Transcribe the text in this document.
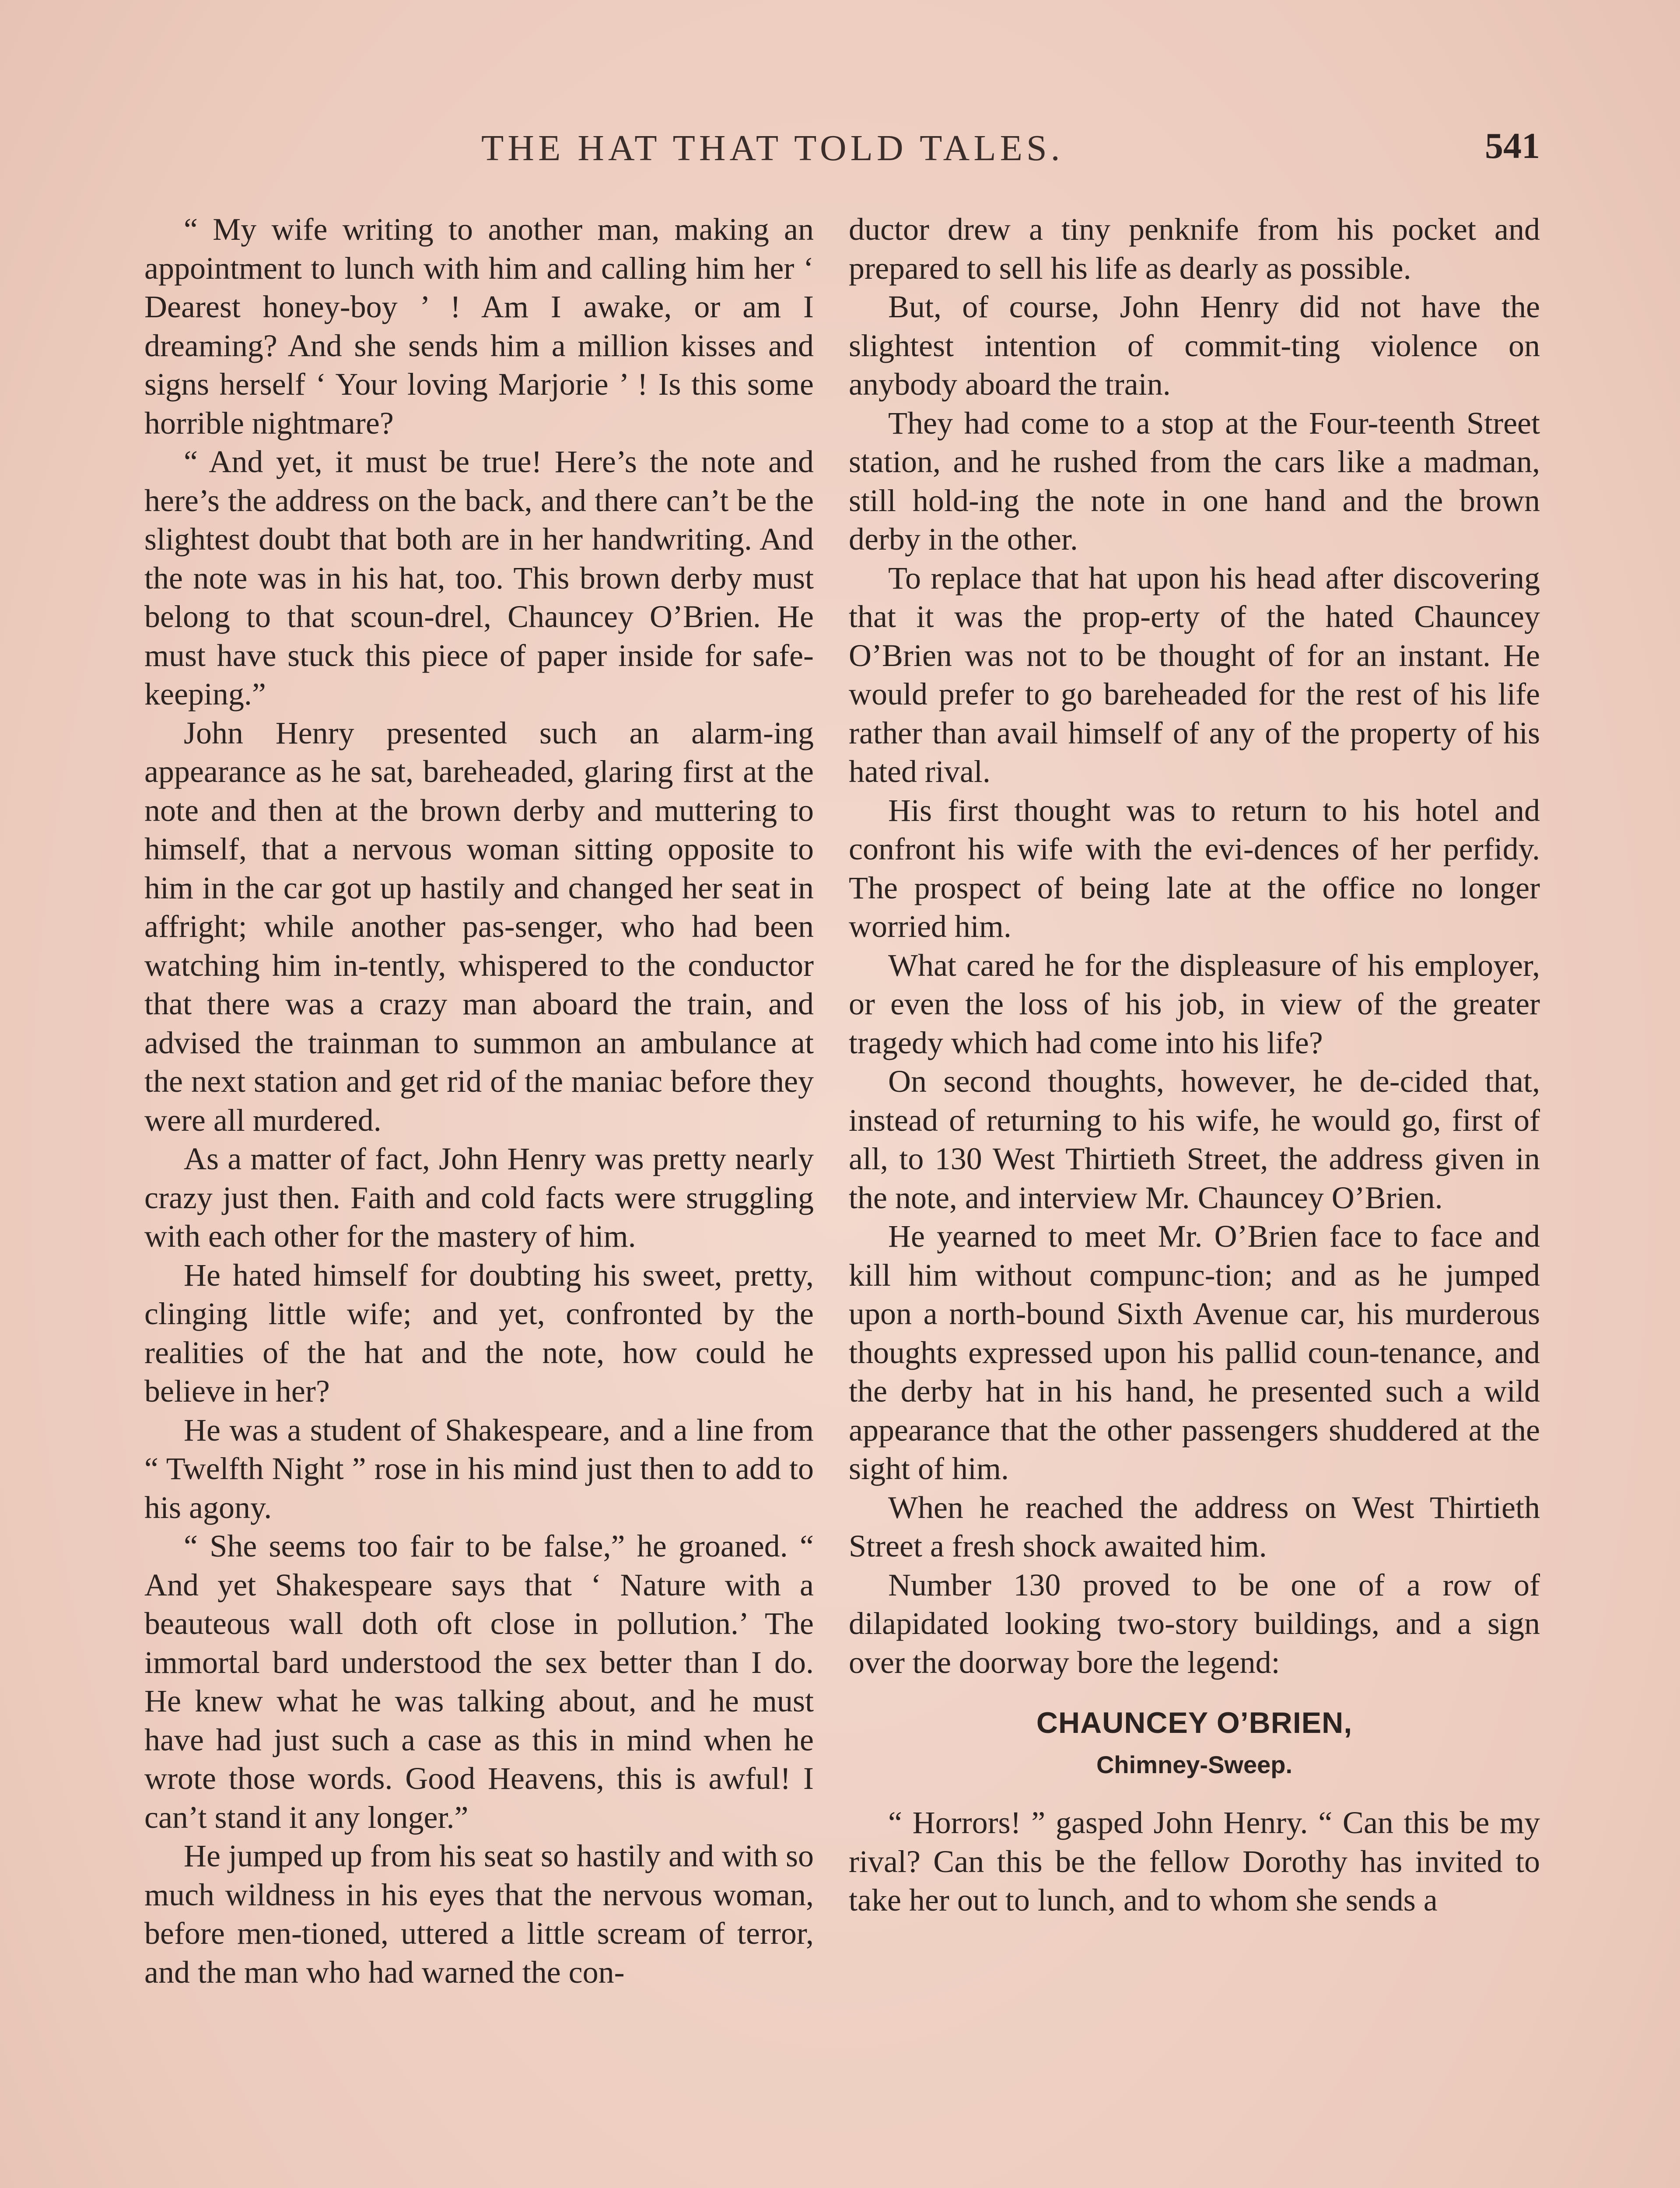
THE HAT THAT TOLD TALES.	541

“ My wife writing to another man, making an appointment to lunch with him and calling him her ‘ Dearest honey-boy ’ ! Am I awake, or am I dreaming? And she sends him a million kisses and signs herself ‘ Your loving Marjorie ’ ! Is this some horrible nightmare?

“ And yet, it must be true! Here’s the note and here’s the address on the back, and there can’t be the slightest doubt that both are in her handwriting. And the note was in his hat, too. This brown derby must belong to that scoun-drel, Chauncey O’Brien. He must have stuck this piece of paper inside for safe-keeping.”

John Henry presented such an alarm-ing appearance as he sat, bareheaded, glaring first at the note and then at the brown derby and muttering to himself, that a nervous woman sitting opposite to him in the car got up hastily and changed her seat in affright; while another pas-senger, who had been watching him in-tently, whispered to the conductor that there was a crazy man aboard the train, and advised the trainman to summon an ambulance at the next station and get rid of the maniac before they were all murdered.

As a matter of fact, John Henry was pretty nearly crazy just then. Faith and cold facts were struggling with each other for the mastery of him.

He hated himself for doubting his sweet, pretty, clinging little wife; and yet, confronted by the realities of the hat and the note, how could he believe in her?

He was a student of Shakespeare, and a line from “ Twelfth Night ” rose in his mind just then to add to his agony.

“ She seems too fair to be false,” he groaned. “ And yet Shakespeare says that ‘ Nature with a beauteous wall doth oft close in pollution.’ The immortal bard understood the sex better than I do. He knew what he was talking about, and he must have had just such a case as this in mind when he wrote those words. Good Heavens, this is awful! I can’t stand it any longer.”

He jumped up from his seat so hastily and with so much wildness in his eyes that the nervous woman, before men-tioned, uttered a little scream of terror, and the man who had warned the con-

ductor drew a tiny penknife from his pocket and prepared to sell his life as dearly as possible.

But, of course, John Henry did not have the slightest intention of commit-ting violence on anybody aboard the train.

They had come to a stop at the Four-teenth Street station, and he rushed from the cars like a madman, still hold-ing the note in one hand and the brown derby in the other.

To replace that hat upon his head after discovering that it was the prop-erty of the hated Chauncey O’Brien was not to be thought of for an instant. He would prefer to go bareheaded for the rest of his life rather than avail himself of any of the property of his hated rival.

His first thought was to return to his hotel and confront his wife with the evi-dences of her perfidy. The prospect of being late at the office no longer worried him.

What cared he for the displeasure of his employer, or even the loss of his job, in view of the greater tragedy which had come into his life?

On second thoughts, however, he de-cided that, instead of returning to his wife, he would go, first of all, to 130 West Thirtieth Street, the address given in the note, and interview Mr. Chauncey O’Brien.

He yearned to meet Mr. O’Brien face to face and kill him without compunc-tion; and as he jumped upon a north-bound Sixth Avenue car, his murderous thoughts expressed upon his pallid coun-tenance, and the derby hat in his hand, he presented such a wild appearance that the other passengers shuddered at the sight of him.

When he reached the address on West Thirtieth Street a fresh shock awaited him.

Number 130 proved to be one of a row of dilapidated looking two-story buildings, and a sign over the doorway bore the legend:

CHAUNCEY O’BRIEN,
Chimney-Sweep.

“ Horrors! ” gasped John Henry. “ Can this be my rival? Can this be the fellow Dorothy has invited to take her out to lunch, and to whom she sends a
